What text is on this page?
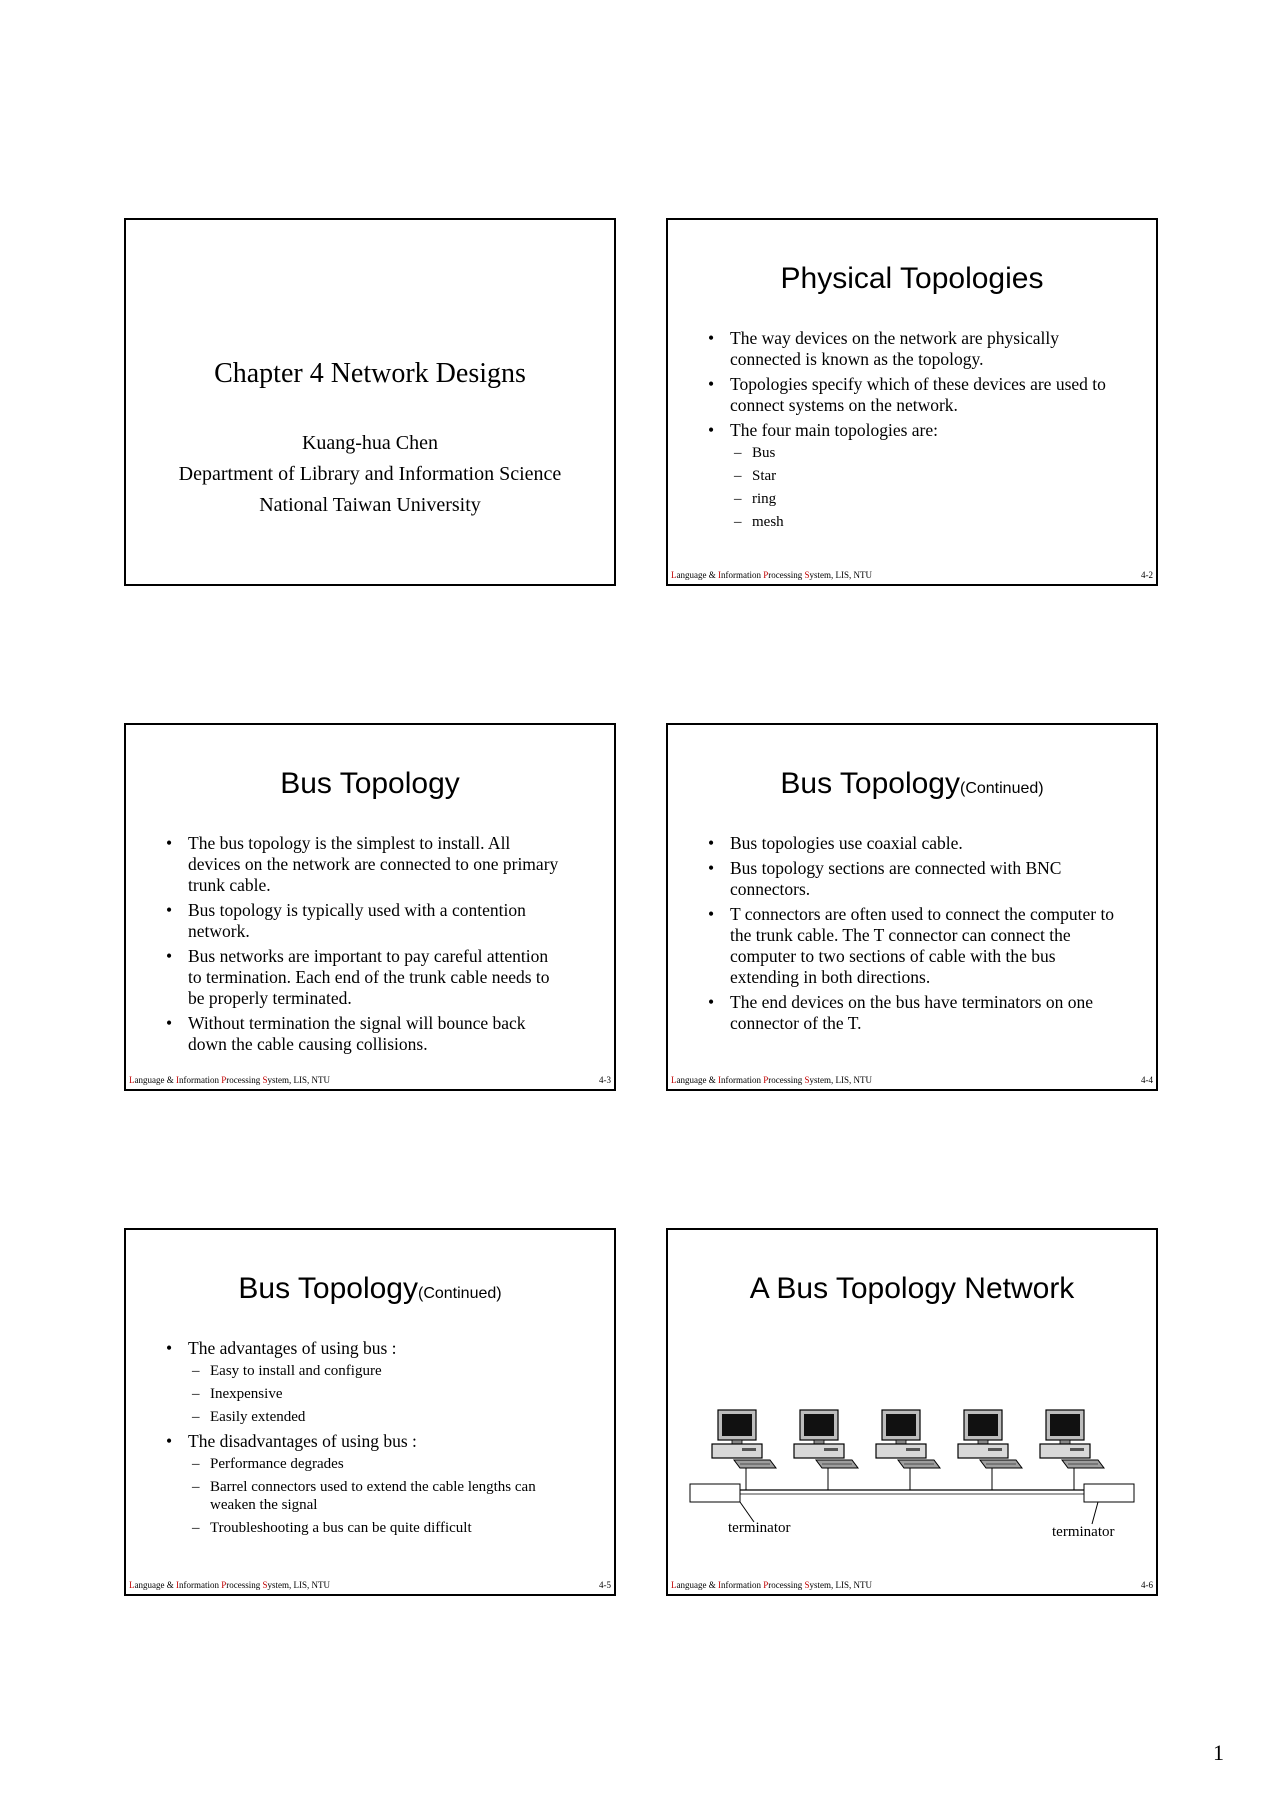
Chapter 4 Network Designs
Kuang-hua Chen
Department of Library and Information Science
National Taiwan University
Physical Topologies
• The way devices on the network are physically connected is known as the topology.
• Topologies specify which of these devices are used to connect systems on the network.
• The four main topologies are:
– Bus
– Star
– ring
– mesh
Language & Information Processing System, LIS, NTU	4-2
Bus Topology
• The bus topology is the simplest to install. All devices on the network are connected to one primary trunk cable.
• Bus topology is typically used with a contention network.
• Bus networks are important to pay careful attention to termination. Each end of the trunk cable needs to be properly terminated.
• Without termination the signal will bounce back down the cable causing collisions.
Language & Information Processing System, LIS, NTU	4-3
Bus Topology(Continued)
• Bus topologies use coaxial cable.
• Bus topology sections are connected with BNC connectors.
• T connectors are often used to connect the computer to the trunk cable. The T connector can connect the computer to two sections of cable with the bus extending in both directions.
• The end devices on the bus have terminators on one connector of the T.
Language & Information Processing System, LIS, NTU	4-4
Bus Topology(Continued)
• The advantages of using bus :
– Easy to install and configure
– Inexpensive
– Easily extended
• The disadvantages of using bus :
– Performance degrades
– Barrel connectors used to extend the cable lengths can weaken the signal
– Troubleshooting a bus can be quite difficult
Language & Information Processing System, LIS, NTU	4-5
A Bus Topology Network
terminator	terminator
Language & Information Processing System, LIS, NTU	4-6
1
